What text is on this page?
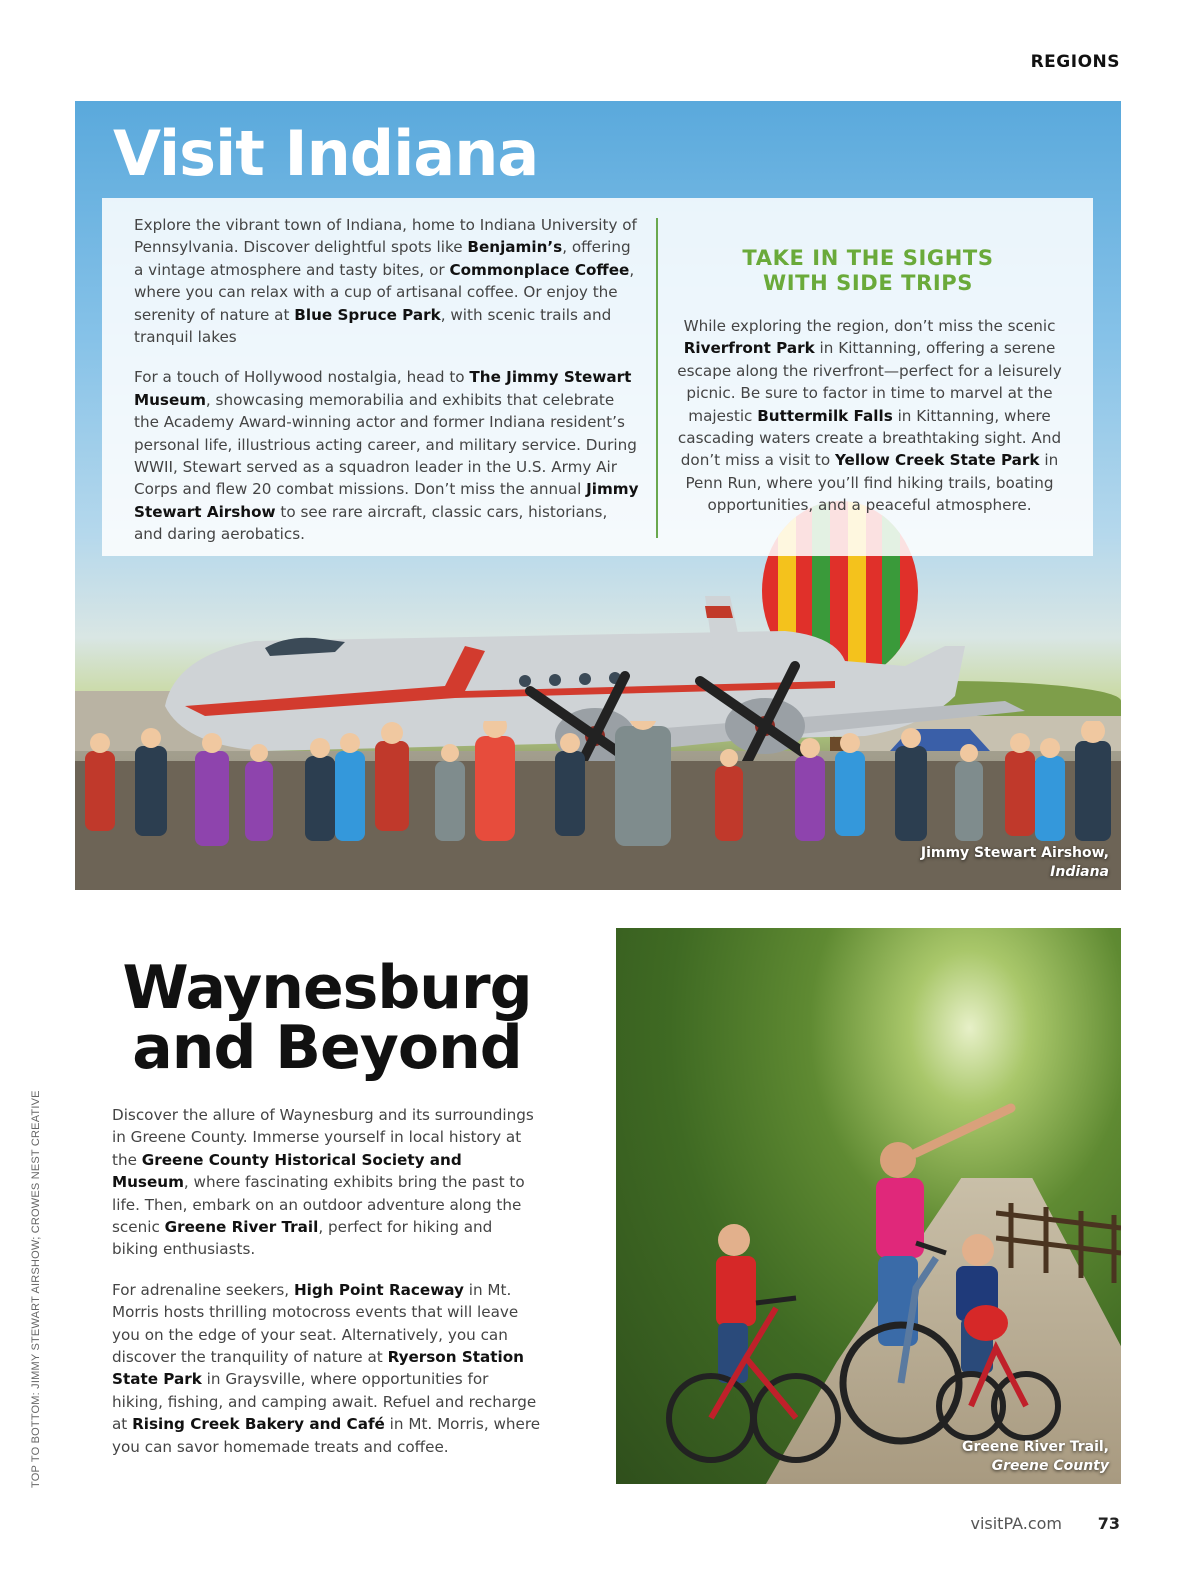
REGIONS
Visit Indiana

Explore the vibrant town of Indiana, home to Indiana University of Pennsylvania. Discover delightful spots like Benjamin’s, offering a vintage atmosphere and tasty bites, or Commonplace Coffee, where you can relax with a cup of artisanal coffee. Or enjoy the serenity of nature at Blue Spruce Park, with scenic trails and tranquil lakes

For a touch of Hollywood nostalgia, head to The Jimmy Stewart Museum, showcasing memorabilia and exhibits that celebrate the Academy Award-winning actor and former Indiana resident’s personal life, illustrious acting career, and military service. During WWII, Stewart served as a squadron leader in the U.S. Army Air Corps and flew 20 combat missions. Don’t miss the annual Jimmy Stewart Airshow to see rare aircraft, classic cars, historians, and daring aerobatics.

TAKE IN THE SIGHTS
WITH SIDE TRIPS

While exploring the region, don’t miss the scenic Riverfront Park in Kittanning, offering a serene escape along the riverfront—perfect for a leisurely picnic. Be sure to factor in time to marvel at the majestic Buttermilk Falls in Kittanning, where cascading waters create a breathtaking sight. And don’t miss a visit to Yellow Creek State Park in Penn Run, where you’ll find hiking trails, boating opportunities, and a peaceful atmosphere.

Jimmy Stewart Airshow,
Indiana
Waynesburg
and Beyond

Discover the allure of Waynesburg and its surroundings in Greene County. Immerse yourself in local history at the Greene County Historical Society and Museum, where fascinating exhibits bring the past to life. Then, embark on an outdoor adventure along the scenic Greene River Trail, perfect for hiking and biking enthusiasts.

For adrenaline seekers, High Point Raceway in Mt. Morris hosts thrilling motocross events that will leave you on the edge of your seat. Alternatively, you can discover the tranquility of nature at Ryerson Station State Park in Graysville, where opportunities for hiking, fishing, and camping await. Refuel and recharge at Rising Creek Bakery and Café in Mt. Morris, where you can savor homemade treats and coffee.	Greene River Trail,
Greene County
TOP TO BOTTOM: JIMMY STEWART AIRSHOW; CROWES NEST CREATIVE
visitPA.com 73
